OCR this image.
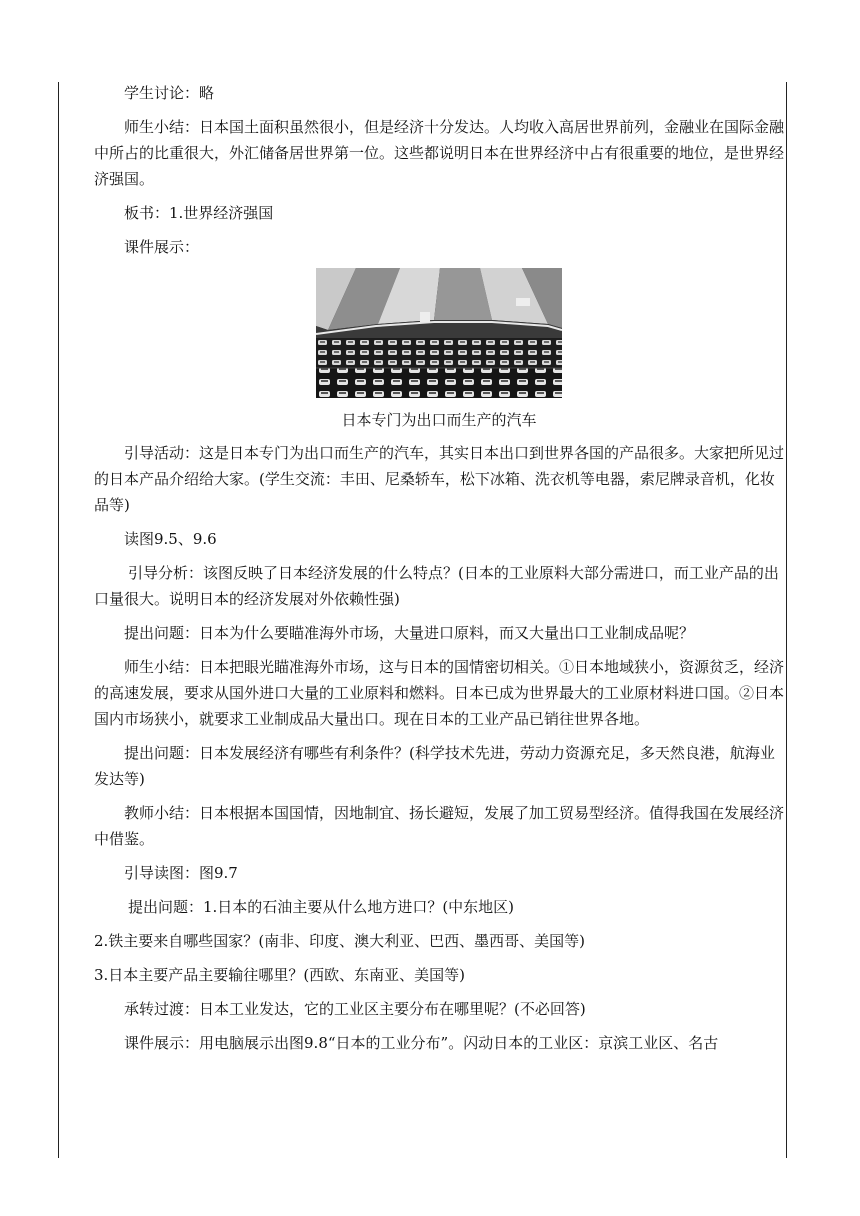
学生讨论：略

师生小结：日本国土面积虽然很小，但是经济十分发达。人均收入高居世界前列，金融业在国际金融中所占的比重很大，外汇储备居世界第一位。这些都说明日本在世界经济中占有很重要的地位，是世界经济强国。

板书：1.世界经济强国

课件展示：

日本专门为出口而生产的汽车

引导活动：这是日本专门为出口而生产的汽车，其实日本出口到世界各国的产品很多。大家把所见过的日本产品介绍给大家。(学生交流：丰田、尼桑轿车，松下冰箱、洗衣机等电器，索尼牌录音机，化妆品等)

读图9.5、9.6

引导分析：该图反映了日本经济发展的什么特点？(日本的工业原料大部分需进口，而工业产品的出口量很大。说明日本的经济发展对外依赖性强)

提出问题：日本为什么要瞄准海外市场，大量进口原料，而又大量出口工业制成品呢？

师生小结：日本把眼光瞄准海外市场，这与日本的国情密切相关。①日本地域狭小，资源贫乏，经济的高速发展，要求从国外进口大量的工业原料和燃料。日本已成为世界最大的工业原材料进口国。②日本国内市场狭小，就要求工业制成品大量出口。现在日本的工业产品已销往世界各地。

提出问题：日本发展经济有哪些有利条件？(科学技术先进，劳动力资源充足，多天然良港，航海业发达等)

教师小结：日本根据本国国情，因地制宜、扬长避短，发展了加工贸易型经济。值得我国在发展经济中借鉴。

引导读图：图9.7

提出问题：1.日本的石油主要从什么地方进口？(中东地区)

2.铁主要来自哪些国家？(南非、印度、澳大利亚、巴西、墨西哥、美国等)

3.日本主要产品主要输往哪里？(西欧、东南亚、美国等)

承转过渡：日本工业发达，它的工业区主要分布在哪里呢？(不必回答)

课件展示：用电脑展示出图9.8“日本的工业分布”。闪动日本的工业区：京滨工业区、名古
